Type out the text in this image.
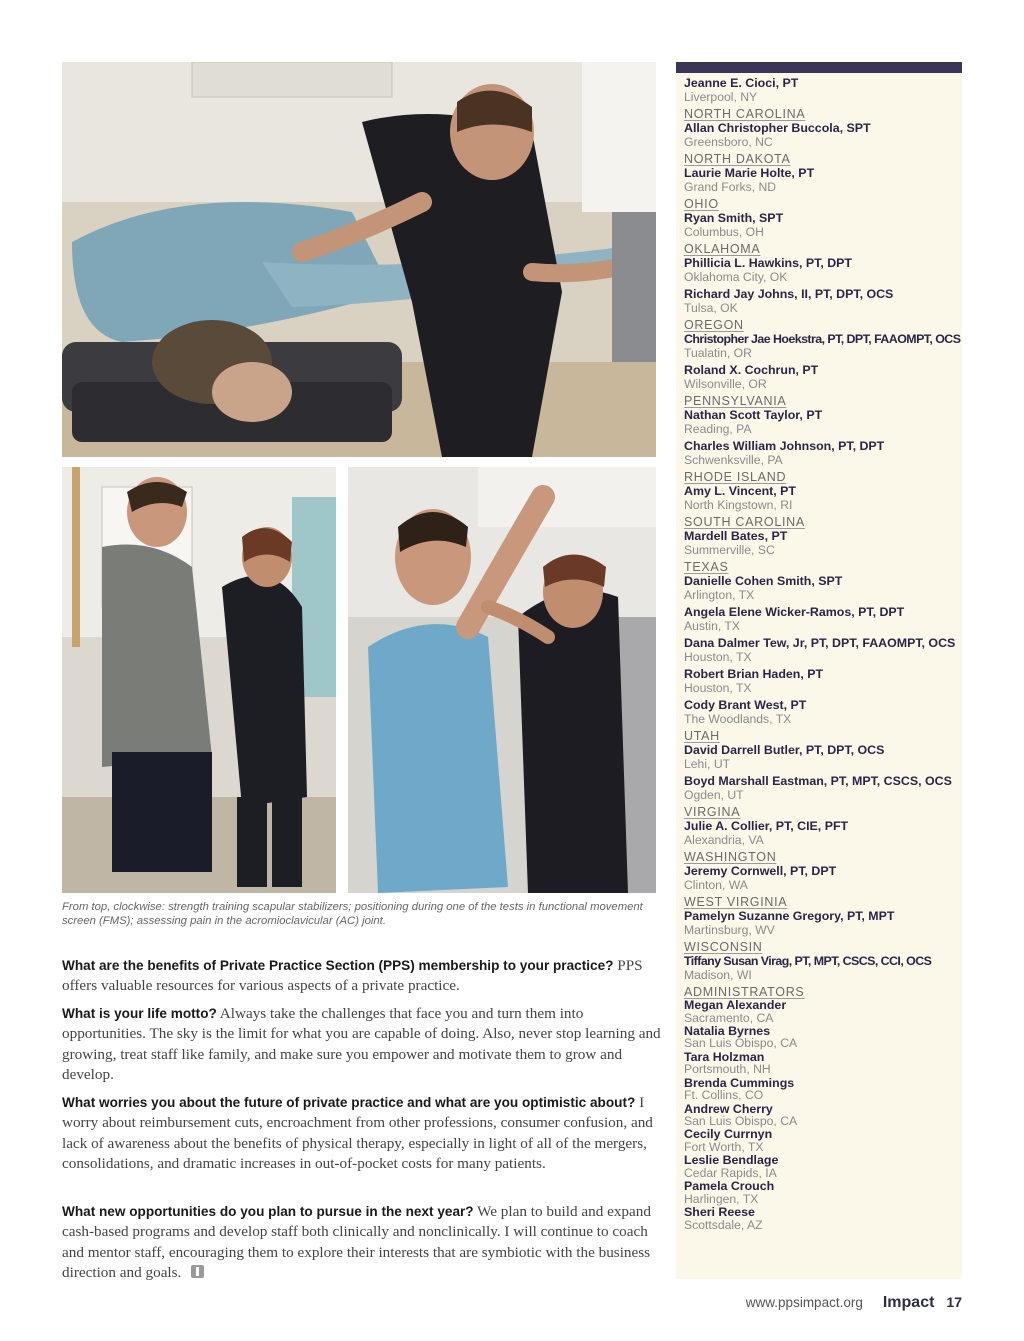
From top, clockwise: strength training scapular stabilizers; positioning during one of the tests in functional movement screen (FMS); assessing pain in the acromioclavicular (AC) joint.
What are the benefits of Private Practice Section (PPS) membership to your practice? PPS offers valuable resources for various aspects of a private practice.
What is your life motto? Always take the challenges that face you and turn them into opportunities. The sky is the limit for what you are capable of doing. Also, never stop learning and growing, treat staff like family, and make sure you empower and motivate them to grow and develop.
What worries you about the future of private practice and what are you optimistic about? I worry about reimbursement cuts, encroachment from other professions, consumer confusion, and lack of awareness about the benefits of physical therapy, especially in light of all of the mergers, consolidations, and dramatic increases in out-of-pocket costs for many patients.
What new opportunities do you plan to pursue in the next year? We plan to build and expand cash-based programs and develop staff both clinically and nonclinically. I will continue to coach and mentor staff, encouraging them to explore their interests that are symbiotic with the business direction and goals.
Jeanne E. Cioci, PT
Liverpool, NY
NORTH CAROLINA
Allan Christopher Buccola, SPT
Greensboro, NC
NORTH DAKOTA
Laurie Marie Holte, PT
Grand Forks, ND
OHIO
Ryan Smith, SPT
Columbus, OH
OKLAHOMA
Phillicia L. Hawkins, PT, DPT
Oklahoma City, OK
Richard Jay Johns, II, PT, DPT, OCS
Tulsa, OK
OREGON
Christopher Jae Hoekstra, PT, DPT, FAAOMPT, OCS
Tualatin, OR
Roland X. Cochrun, PT
Wilsonville, OR
PENNSYLVANIA
Nathan Scott Taylor, PT
Reading, PA
Charles William Johnson, PT, DPT
Schwenksville, PA
RHODE ISLAND
Amy L. Vincent, PT
North Kingstown, RI
SOUTH CAROLINA
Mardell Bates, PT
Summerville, SC
TEXAS
Danielle Cohen Smith, SPT
Arlington, TX
Angela Elene Wicker-Ramos, PT, DPT
Austin, TX
Dana Dalmer Tew, Jr, PT, DPT, FAAOMPT, OCS
Houston, TX
Robert Brian Haden, PT
Houston, TX
Cody Brant West, PT
The Woodlands, TX
UTAH
David Darrell Butler, PT, DPT, OCS
Lehi, UT
Boyd Marshall Eastman, PT, MPT, CSCS, OCS
Ogden, UT
VIRGINA
Julie A. Collier, PT, CIE, PFT
Alexandria, VA
WASHINGTON
Jeremy Cornwell, PT, DPT
Clinton, WA
WEST VIRGINIA
Pamelyn Suzanne Gregory, PT, MPT
Martinsburg, WV
WISCONSIN
Tiffany Susan Virag, PT, MPT, CSCS, CCI, OCS
Madison, WI
ADMINISTRATORS
Megan Alexander
Sacramento, CA
Natalia Byrnes
San Luis Obispo, CA
Tara Holzman
Portsmouth, NH
Brenda Cummings
Ft. Collins, CO
Andrew Cherry
San Luis Obispo, CA
Cecily Currnyn
Fort Worth, TX
Leslie Bendlage
Cedar Rapids, IA
Pamela Crouch
Harlingen, TX
Sheri Reese
Scottsdale, AZ
www.ppsimpact.org Impact 17
